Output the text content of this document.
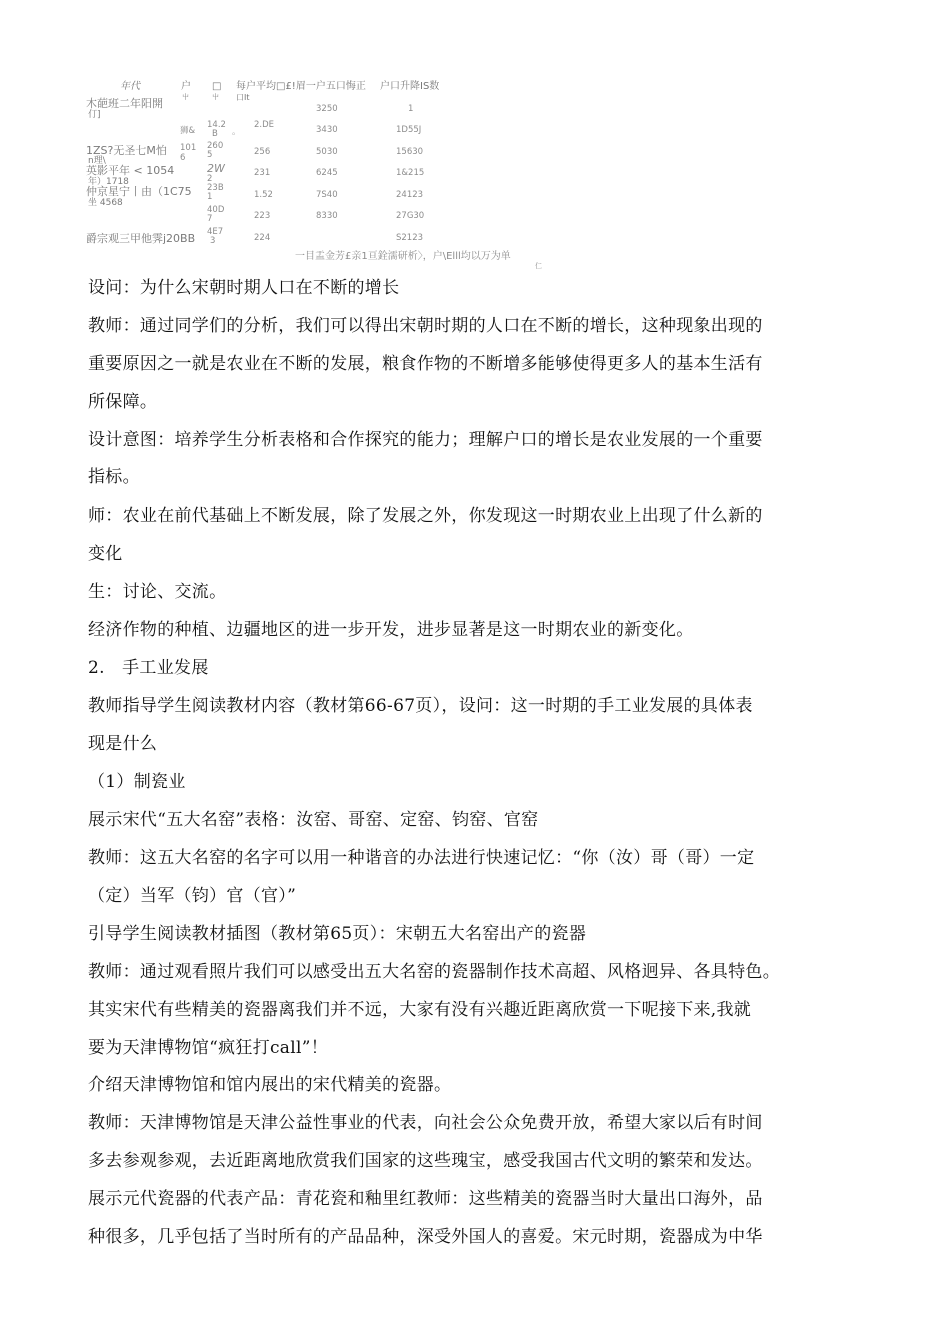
年代	户
屮
□
屮
每户平均□£!眉一户五口悔正
口It
户口升降IS数
木葩班二年阳開
仃]
1ZS?无圣七M怕
n理\
英影平年 < 1054
年）1718
仲京星宁丨由（1C75
坐 4568
爵宗观三甲他霁j20BB
狮&
101
6
14.2
B
260
5
2W
2
23B
1
40D
7
4E7
3
。
2.DE
256
231
1.52
223
224
3250
3430
5030
6245
7S40
8330
1
1D55J
15630
1&215
24123
27G30
S2123
一目盂金芳£亲1亘銓濡研析〉，户\Elll均以万为单
仁
设问：为什么宋朝时期人口在不断的增长
教师：通过同学们的分析，我们可以得出宋朝时期的人口在不断的增长，这种现象出现的
重要原因之一就是农业在不断的发展，粮食作物的不断增多能够使得更多人的基本生活有
所保障。
设计意图：培养学生分析表格和合作探究的能力；理解户口的增长是农业发展的一个重要
指标。
师：农业在前代基础上不断发展，除了发展之外，你发现这一时期农业上出现了什么新的
变化
生：讨论、交流。
经济作物的种植、边疆地区的进一步开发，进步显著是这一时期农业的新变化。
2.　手工业发展
教师指导学生阅读教材内容（教材第66-67页），设问：这一时期的手工业发展的具体表
现是什么
（1）制瓷业
展示宋代“五大名窑”表格：汝窑、哥窑、定窑、钧窑、官窑
教师：这五大名窑的名字可以用一种谐音的办法进行快速记忆：“你（汝）哥（哥）一定
（定）当军（钧）官（官）”
引导学生阅读教材插图（教材第65页）：宋朝五大名窑出产的瓷器
教师：通过观看照片我们可以感受出五大名窑的瓷器制作技术高超、风格迥异、各具特色。
其实宋代有些精美的瓷器离我们并不远，大家有没有兴趣近距离欣赏一下呢接下来,我就
要为天津博物馆“疯狂打call”！
介绍天津博物馆和馆内展出的宋代精美的瓷器。
教师：天津博物馆是天津公益性事业的代表，向社会公众免费开放，希望大家以后有时间
多去参观参观，去近距离地欣赏我们国家的这些瑰宝，感受我国古代文明的繁荣和发达。
展示元代瓷器的代表产品：青花瓷和釉里红教师：这些精美的瓷器当时大量出口海外，品
种很多，几乎包括了当时所有的产品品种，深受外国人的喜爱。宋元时期，瓷器成为中华
